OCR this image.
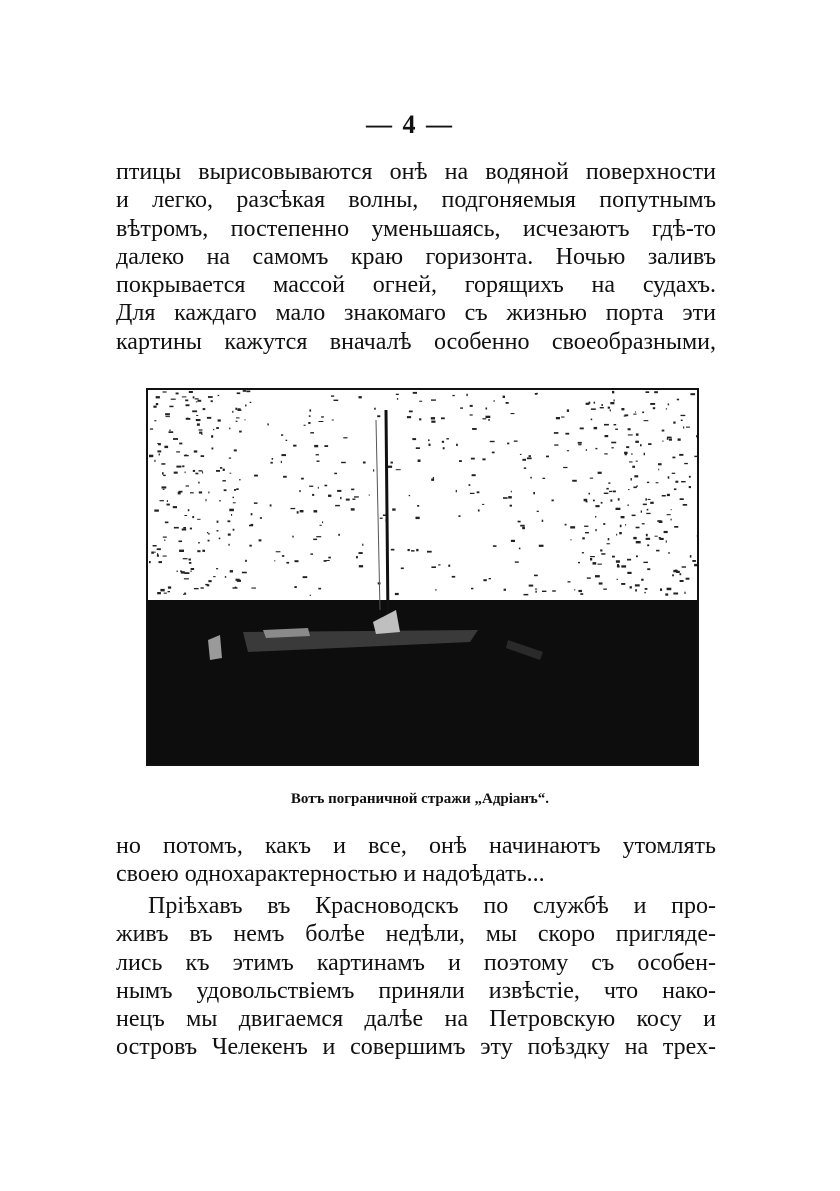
— 4 —
птицы вырисовываются онѣ на водяной поверхности
и легко, разсѣкая волны, подгоняемыя попутнымъ
вѣтромъ, постепенно уменьшаясь, исчезаютъ гдѣ-то
далеко на самомъ краю горизонта. Ночью заливъ
покрывается массой огней, горящихъ на судахъ.
Для каждаго мало знакомаго съ жизнью порта эти
картины кажутся вначалѣ особенно своеобразными,
Вотъ пограничной стражи „Адріанъ“.
но потомъ, какъ и все, онѣ начинаютъ утомлять
своею однохарактерностью и надоѣдать...
Пріѣхавъ въ Красноводскъ по службѣ и про-
живъ въ немъ болѣе недѣли, мы скоро пригляде-
лись къ этимъ картинамъ и поэтому съ особен-
нымъ удовольствіемъ приняли извѣстіе, что нако-
нецъ мы двигаемся далѣе на Петровскую косу и
островъ Челекенъ и совершимъ эту поѣздку на трех-
